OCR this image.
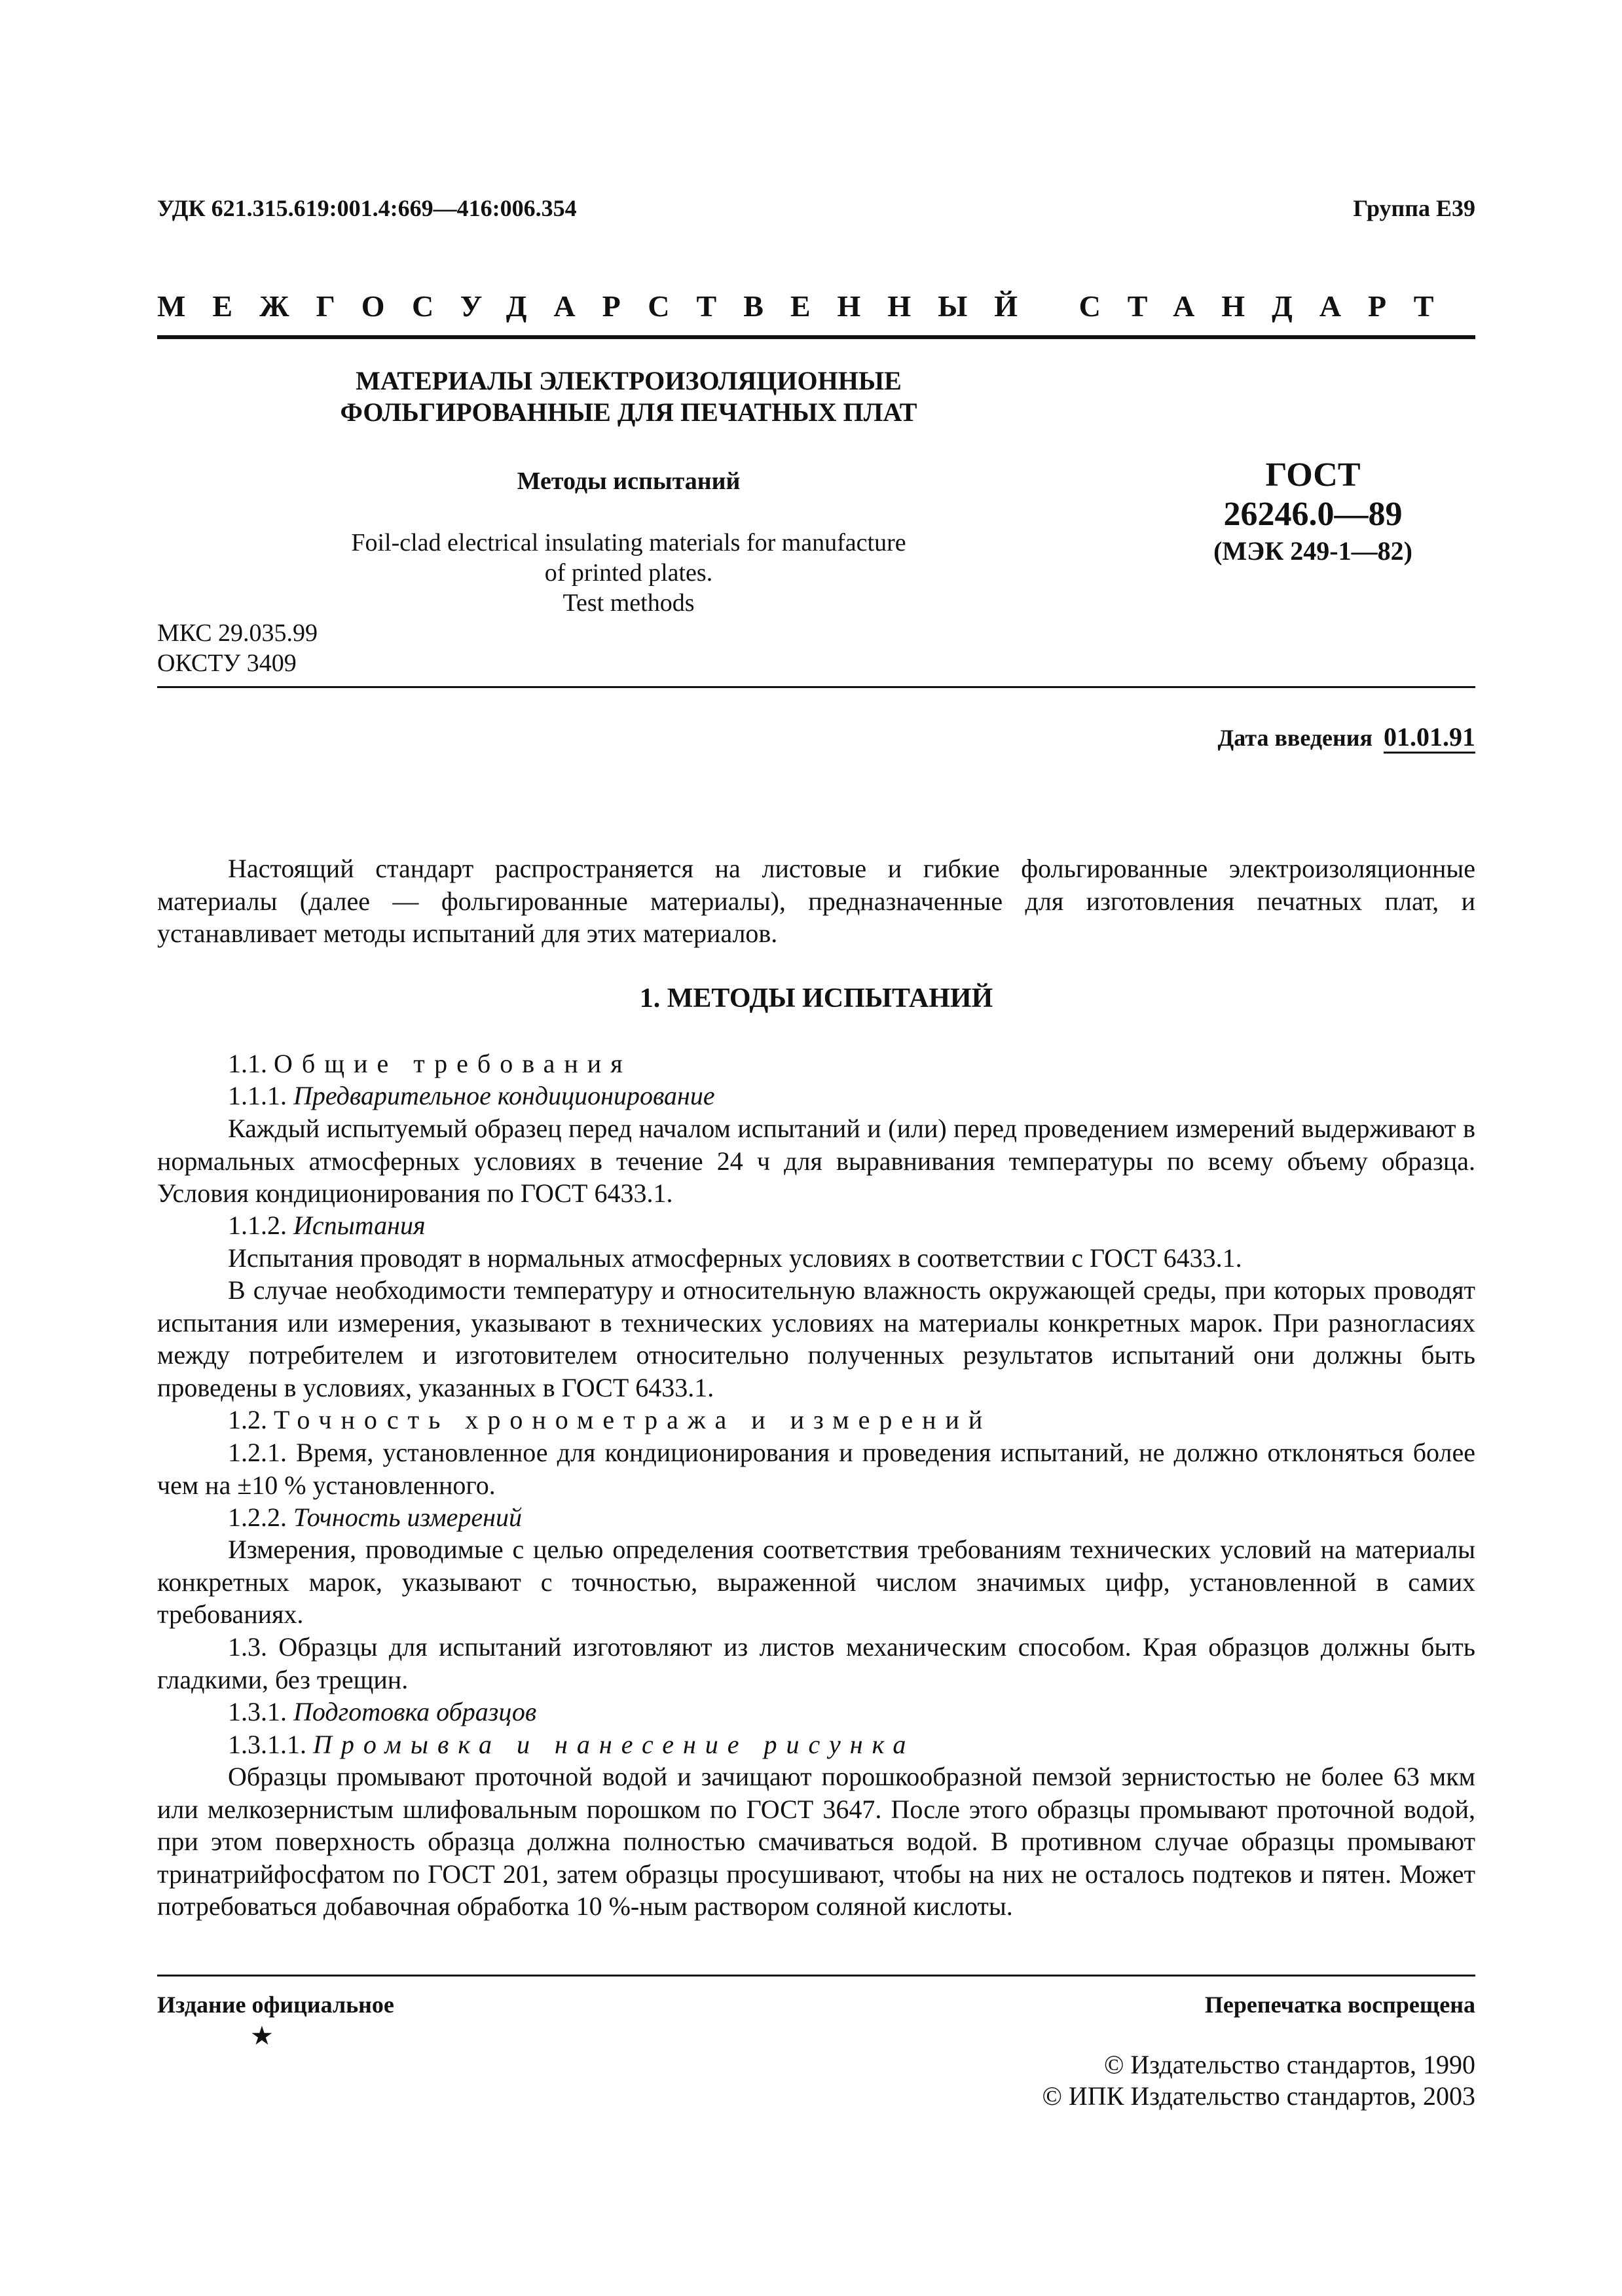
УДК 621.315.619:001.4:669—416:006.354	Группа Е39
МЕЖГОСУДАРСТВЕННЫЙ СТАНДАРТ
МАТЕРИАЛЫ ЭЛЕКТРОИЗОЛЯЦИОННЫЕ
ФОЛЬГИРОВАННЫЕ ДЛЯ ПЕЧАТНЫХ ПЛАТ
Методы испытаний
Foil-clad electrical insulating materials for manufacture
of printed plates.
Test methods
ГОСТ
26246.0—89
(МЭК 249-1—82)
МКС 29.035.99
ОКСТУ 3409
Дата введения 01.01.91
Настоящий стандарт распространяется на листовые и гибкие фольгированные электроизоляционные материалы (далее — фольгированные материалы), предназначенные для изготовления печатных плат, и устанавливает методы испытаний для этих материалов.
1. МЕТОДЫ ИСПЫТАНИЙ
1.1. Общие требования
1.1.1. Предварительное кондиционирование
Каждый испытуемый образец перед началом испытаний и (или) перед проведением измерений выдерживают в нормальных атмосферных условиях в течение 24 ч для выравнивания температуры по всему объему образца. Условия кондиционирования по ГОСТ 6433.1.
1.1.2. Испытания
Испытания проводят в нормальных атмосферных условиях в соответствии с ГОСТ 6433.1.
В случае необходимости температуру и относительную влажность окружающей среды, при которых проводят испытания или измерения, указывают в технических условиях на материалы конкретных марок. При разногласиях между потребителем и изготовителем относительно полученных результатов испытаний они должны быть проведены в условиях, указанных в ГОСТ 6433.1.
1.2. Точность хронометража и измерений
1.2.1. Время, установленное для кондиционирования и проведения испытаний, не должно отклоняться более чем на ±10 % установленного.
1.2.2. Точность измерений
Измерения, проводимые с целью определения соответствия требованиям технических условий на материалы конкретных марок, указывают с точностью, выраженной числом значимых цифр, установленной в самих требованиях.
1.3. Образцы для испытаний изготовляют из листов механическим способом. Края образцов должны быть гладкими, без трещин.
1.3.1. Подготовка образцов
1.3.1.1. Промывка и нанесение рисунка
Образцы промывают проточной водой и зачищают порошкообразной пемзой зернистостью не более 63 мкм или мелкозернистым шлифовальным порошком по ГОСТ 3647. После этого образцы промывают проточной водой, при этом поверхность образца должна полностью смачиваться водой. В противном случае образцы промывают тринатрийфосфатом по ГОСТ 201, затем образцы просушивают, чтобы на них не осталось подтеков и пятен. Может потребоваться добавочная обработка 10 %-ным раствором соляной кислоты.
Издание официальное
★
Перепечатка воспрещена
© Издательство стандартов, 1990
© ИПК Издательство стандартов, 2003
